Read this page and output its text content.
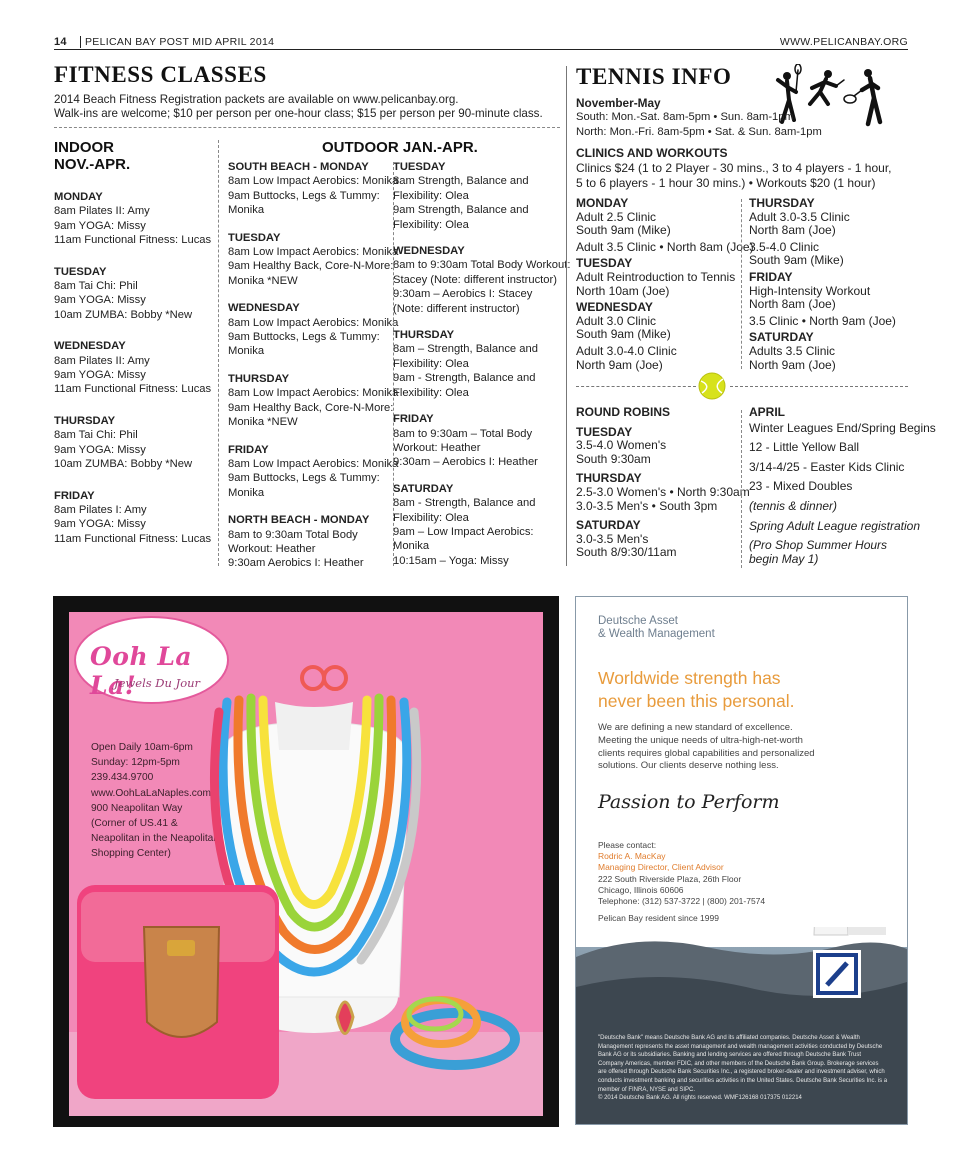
14	PELICAN BAY POST MID APRIL 2014	WWW.PELICANBAY.ORG
FITNESS CLASSES
2014 Beach Fitness Registration packets are available on www.pelicanbay.org.
Walk-ins are welcome; $10 per person per one-hour class; $15 per person per 90-minute class.
INDOOR
NOV.-APR.
MONDAY
8am Pilates II: Amy
9am YOGA: Missy
11am Functional Fitness: Lucas
TUESDAY
8am Tai Chi: Phil
9am YOGA: Missy
10am ZUMBA: Bobby *New
WEDNESDAY
8am Pilates II: Amy
9am YOGA: Missy
11am Functional Fitness: Lucas
THURSDAY
8am Tai Chi: Phil
9am YOGA: Missy
10am ZUMBA: Bobby *New
FRIDAY
8am Pilates I: Amy
9am YOGA: Missy
11am Functional Fitness: Lucas
OUTDOOR JAN.-APR.
SOUTH BEACH - MONDAY
8am Low Impact Aerobics: Monika
9am Buttocks, Legs & Tummy:
Monika
TUESDAY
8am Low Impact Aerobics: Monika
9am Healthy Back, Core-N-More:
Monika *NEW
WEDNESDAY
8am Low Impact Aerobics: Monika
9am Buttocks, Legs & Tummy:
Monika
THURSDAY
8am Low Impact Aerobics: Monika
9am Healthy Back, Core-N-More:
Monika *NEW
FRIDAY
8am Low Impact Aerobics: Monika
9am Buttocks, Legs & Tummy:
Monika
NORTH BEACH - MONDAY
8am to 9:30am Total Body
Workout: Heather
9:30am Aerobics I: Heather
TUESDAY
8am Strength, Balance and
Flexibility: Olea
9am Strength, Balance and
Flexibility: Olea
WEDNESDAY
8am to 9:30am Total Body Workout:
Stacey (Note: different instructor)
9:30am – Aerobics I: Stacey
(Note: different instructor)
THURSDAY
8am – Strength, Balance and
Flexibility: Olea
9am - Strength, Balance and
Flexibility: Olea
FRIDAY
8am to 9:30am – Total Body
Workout: Heather
9:30am – Aerobics I: Heather
SATURDAY
8am - Strength, Balance and
Flexibility: Olea
9am – Low Impact Aerobics:
Monika
10:15am – Yoga: Missy
TENNIS INFO
November-May
South: Mon.-Sat. 8am-5pm • Sun. 8am-1pm
North: Mon.-Fri. 8am-5pm • Sat. & Sun. 8am-1pm
CLINICS AND WORKOUTS
Clinics $24 (1 to 2 Player - 30 mins., 3 to 4 players - 1 hour,
5 to 6 players - 1 hour 30 mins.) • Workouts $20 (1 hour)
MONDAY
Adult 2.5 Clinic
South 9am (Mike)
Adult 3.5 Clinic • North 8am (Joe)
TUESDAY
Adult Reintroduction to Tennis
North 10am (Joe)
WEDNESDAY
Adult 3.0 Clinic
South 9am (Mike)
Adult 3.0-4.0 Clinic
North 9am (Joe)
THURSDAY
Adult 3.0-3.5 Clinic
North 8am (Joe)
3.5-4.0 Clinic
South 9am (Mike)
FRIDAY
High-Intensity Workout
North 8am (Joe)
3.5 Clinic • North 9am (Joe)
SATURDAY
Adults 3.5 Clinic
North 9am (Joe)
ROUND ROBINS
TUESDAY
3.5-4.0 Women's
South 9:30am
THURSDAY
2.5-3.0 Women's • North 9:30am
3.0-3.5 Men's • South 3pm
SATURDAY
3.0-3.5 Men's
South 8/9:30/11am
APRIL
Winter Leagues End/Spring Begins
12 - Little Yellow Ball
3/14-4/25 - Easter Kids Clinic
23 - Mixed Doubles
(tennis & dinner)
Spring Adult League registration
(Pro Shop Summer Hours
begin May 1)
Ooh La La!
Jewels Du Jour
Open Daily 10am-6pm
Sunday: 12pm-5pm
239.434.9700
www.OohLaLaNaples.com
900 Neapolitan Way
(Corner of US.41 &
Neapolitan in the Neapolitan
Shopping Center)
Deutsche Asset
& Wealth Management
Worldwide strength has
never been this personal.
We are defining a new standard of excellence.
Meeting the unique needs of ultra-high-net-worth
clients requires global capabilities and personalized
solutions. Our clients deserve nothing less.
Passion to Perform
Please contact:
Rodric A. MacKay
Managing Director, Client Advisor
222 South Riverside Plaza, 26th Floor
Chicago, Illinois 60606
Telephone: (312) 537-3722 | (800) 201-7574
Pelican Bay resident since 1999
"Deutsche Bank" means Deutsche Bank AG and its affiliated companies. Deutsche Asset & Wealth Management represents the asset management and wealth management activities conducted by Deutsche Bank AG or its subsidiaries. Banking and lending services are offered through Deutsche Bank Trust Company Americas, member FDIC, and other members of the Deutsche Bank Group. Brokerage services are offered through Deutsche Bank Securities Inc., a registered broker-dealer and investment adviser, which conducts investment banking and securities activities in the United States. Deutsche Bank Securities Inc. is a member of FINRA, NYSE and SIPC.
© 2014 Deutsche Bank AG. All rights reserved. WMF126168 017375 012214
